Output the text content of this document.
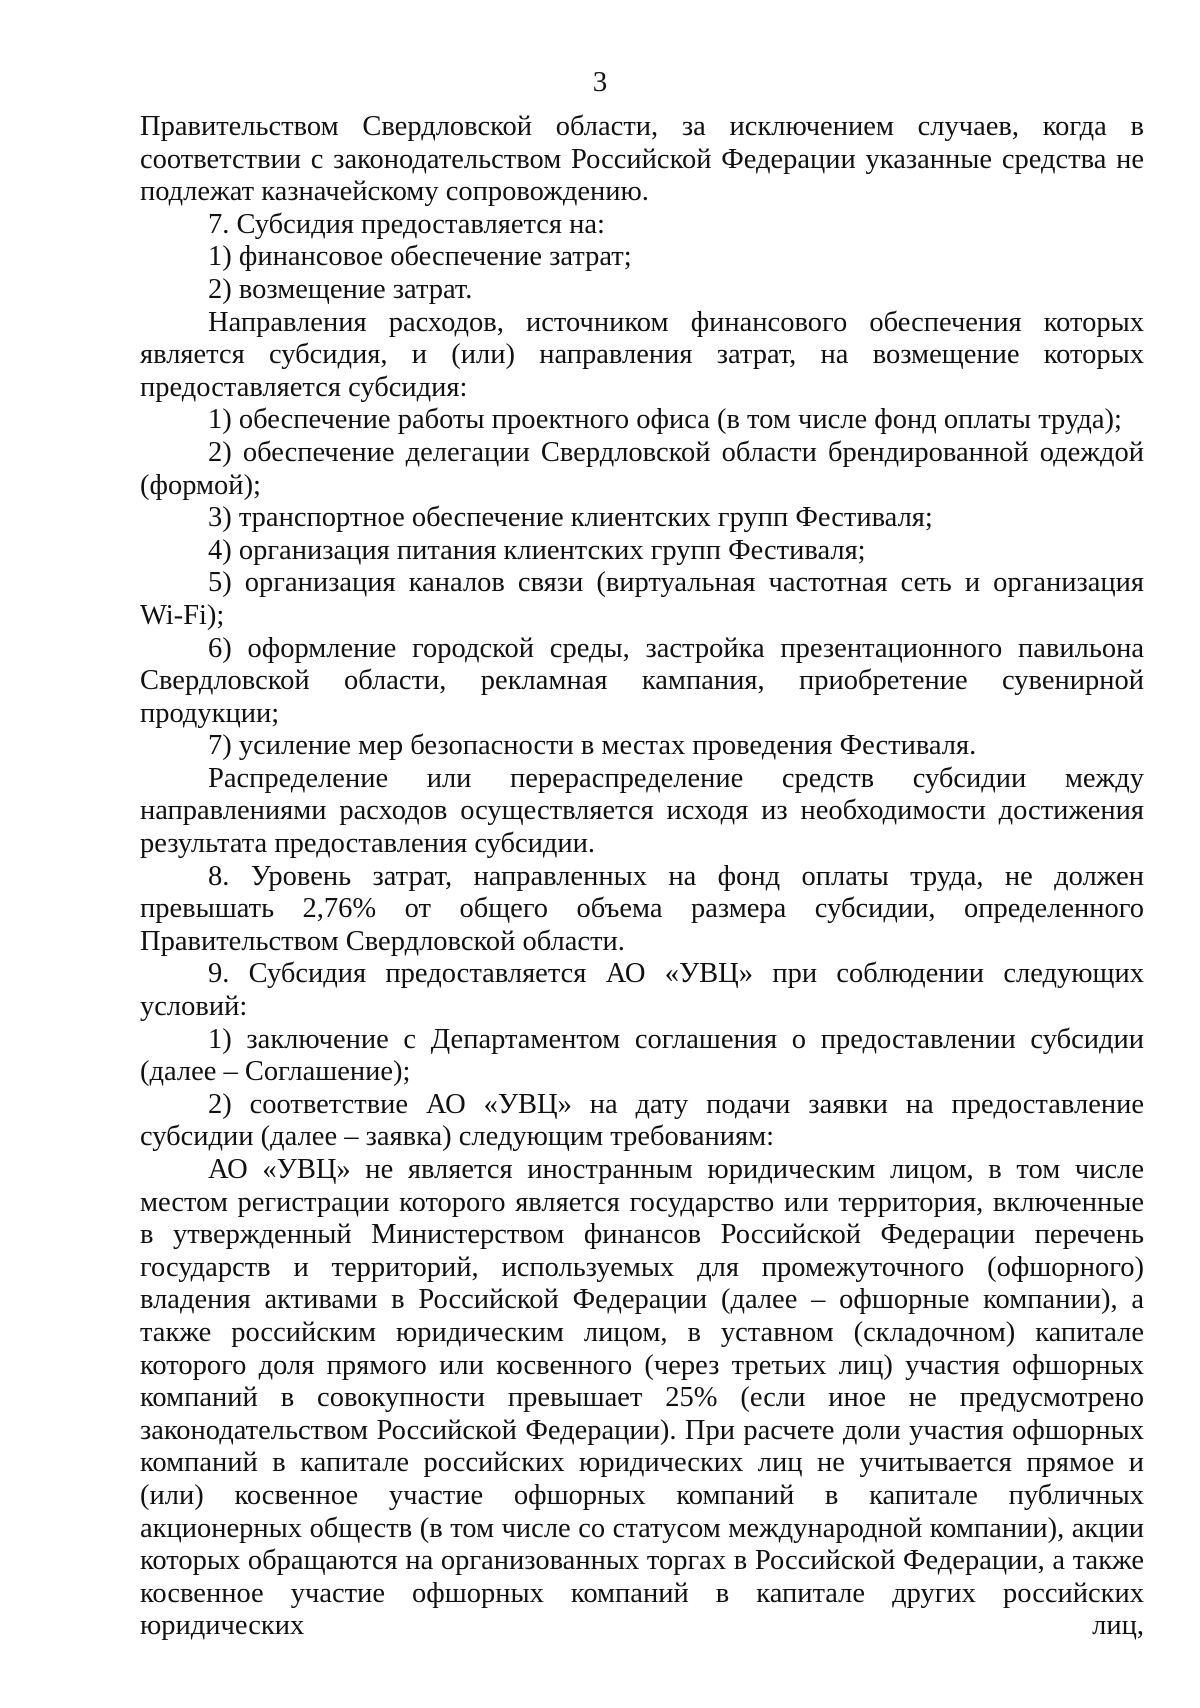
3

Правительством Свердловской области, за исключением случаев, когда в соответствии с законодательством Российской Федерации указанные средства не подлежат казначейскому сопровождению.

7. Субсидия предоставляется на:

1) финансовое обеспечение затрат;

2) возмещение затрат.

Направления расходов, источником финансового обеспечения которых является субсидия, и (или) направления затрат, на возмещение которых предоставляется субсидия:

1) обеспечение работы проектного офиса (в том числе фонд оплаты труда);

2) обеспечение делегации Свердловской области брендированной одеждой (формой);

3) транспортное обеспечение клиентских групп Фестиваля;

4) организация питания клиентских групп Фестиваля;

5) организация каналов связи (виртуальная частотная сеть и организация Wi-Fi);

6) оформление городской среды, застройка презентационного павильона Свердловской области, рекламная кампания, приобретение сувенирной продукции;

7) усиление мер безопасности в местах проведения Фестиваля.

Распределение или перераспределение средств субсидии между направлениями расходов осуществляется исходя из необходимости достижения результата предоставления субсидии.

8. Уровень затрат, направленных на фонд оплаты труда, не должен превышать 2,76% от общего объема размера субсидии, определенного Правительством Свердловской области.

9. Субсидия предоставляется АО «УВЦ» при соблюдении следующих условий:

1) заключение с Департаментом соглашения о предоставлении субсидии (далее – Соглашение);

2) соответствие АО «УВЦ» на дату подачи заявки на предоставление субсидии (далее – заявка) следующим требованиям:

АО «УВЦ» не является иностранным юридическим лицом, в том числе местом регистрации которого является государство или территория, включенные в утвержденный Министерством финансов Российской Федерации перечень государств и территорий, используемых для промежуточного (офшорного) владения активами в Российской Федерации (далее – офшорные компании), а также российским юридическим лицом, в уставном (складочном) капитале которого доля прямого или косвенного (через третьих лиц) участия офшорных компаний в совокупности превышает 25% (если иное не предусмотрено законодательством Российской Федерации). При расчете доли участия офшорных компаний в капитале российских юридических лиц не учитывается прямое и (или) косвенное участие офшорных компаний в капитале публичных акционерных обществ (в том числе со статусом международной компании), акции которых обращаются на организованных торгах в Российской Федерации, а также косвенное участие офшорных компаний в капитале других российских юридических лиц,
